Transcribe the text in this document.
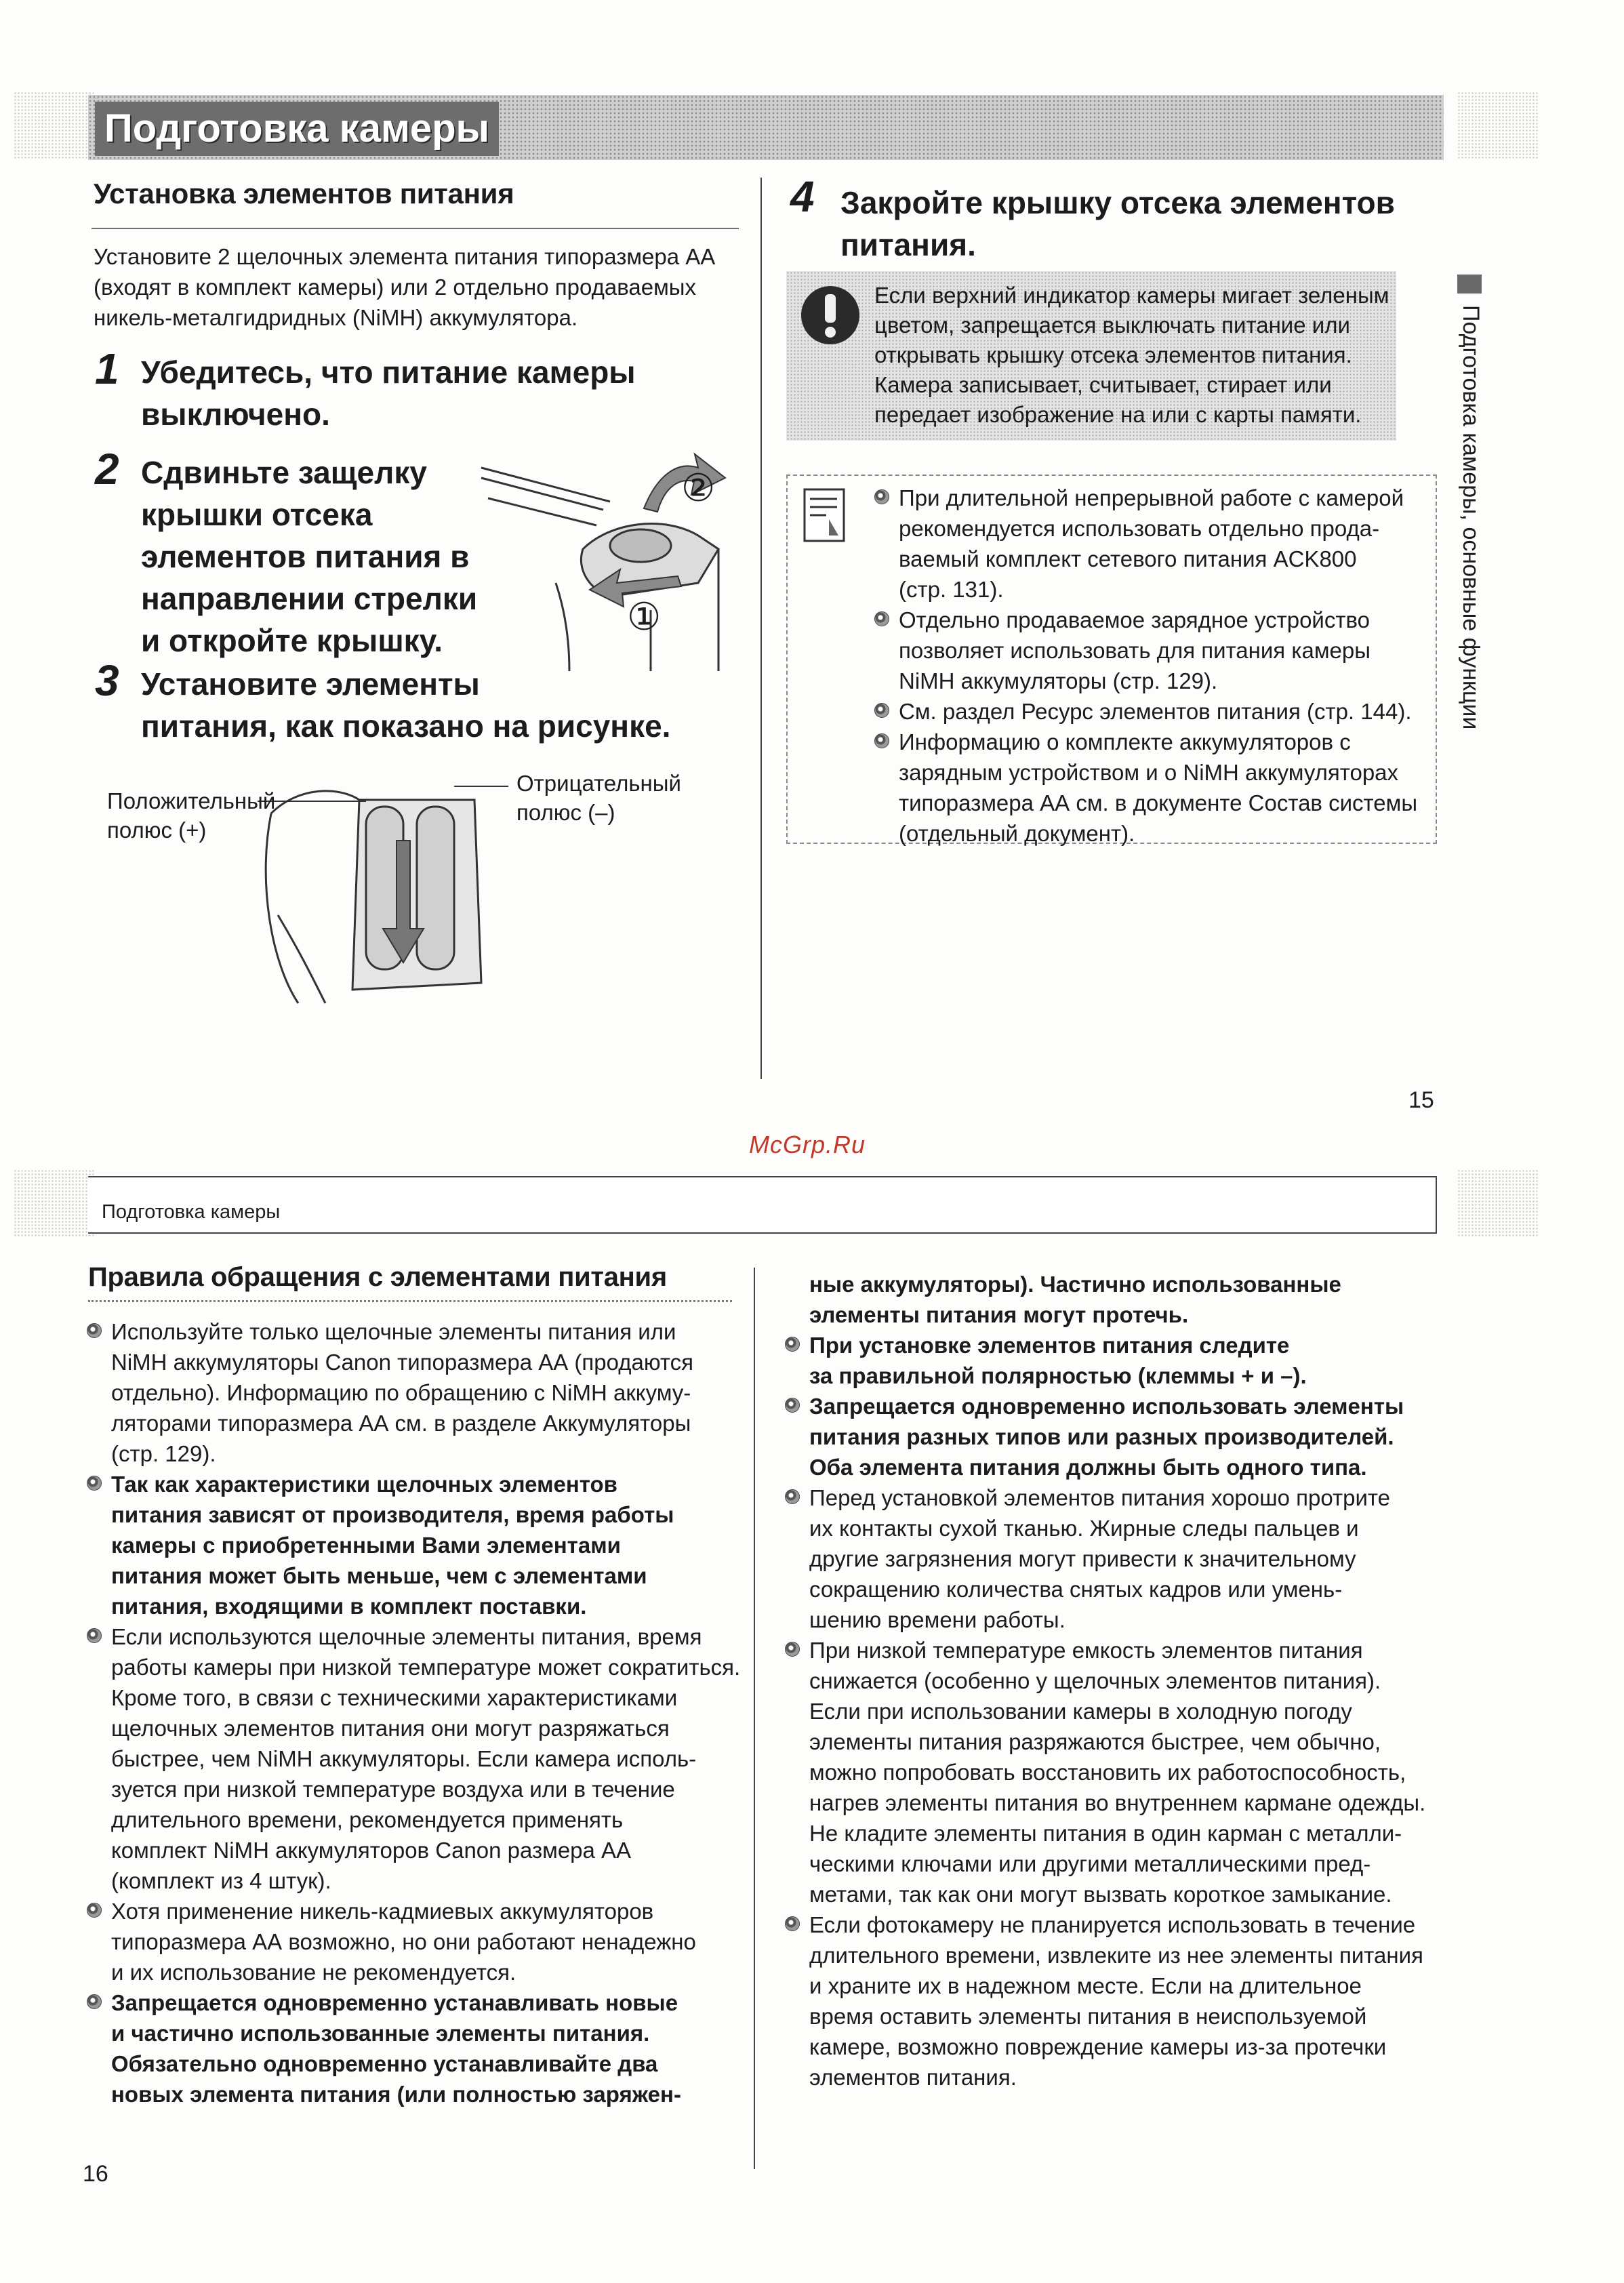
Подготовка камеры
Установка элементов питания
Установите 2 щелочных элемента питания типоразмера АА
(входят в комплект камеры) или 2 отдельно продаваемых
никель-металгидридных (NiMH) аккумулятора.
1 Убедитесь, что питание камеры
выключено.
2 Сдвиньте защелку
крышки отсека
элементов питания в
направлении стрелки
и откройте крышку.
②
①
3 Установите элементы
питания, как показано на рисунке.
Положительный
полюс (+)
Отрицательный
полюс (–)
4 Закройте крышку отсека элементов
питания.
Если верхний индикатор камеры мигает зеленым
цветом, запрещается выключать питание или
открывать крышку отсека элементов питания.
Камера записывает, считывает, стирает или
передает изображение на или с карты памяти.
При длительной непрерывной работе с камерой
рекомендуется использовать отдельно прода-
ваемый комплект сетевого питания ACK800
(стр. 131).
Отдельно продаваемое зарядное устройство
позволяет использовать для питания камеры
NiMH аккумуляторы (стр. 129).
См. раздел Ресурс элементов питания (стр. 144).
Информацию о комплекте аккумуляторов с
зарядным устройством и о NiMH аккумуляторах
типоразмера АА см. в документе Состав системы
(отдельный документ).
Подготовка камеры, основные функции
15
McGrp.Ru
Подготовка камеры
Правила обращения с элементами питания
Используйте только щелочные элементы питания или
NiMH аккумуляторы Canon типоразмера АА (продаются
отдельно). Информацию по обращению с NiMH аккуму-
ляторами типоразмера АА см. в разделе Аккумуляторы
(стр. 129).
Так как характеристики щелочных элементов
питания зависят от производителя, время работы
камеры с приобретенными Вами элементами
питания может быть меньше, чем с элементами
питания, входящими в комплект поставки.
Если используются щелочные элементы питания, время
работы камеры при низкой температуре может сократиться.
Кроме того, в связи с техническими характеристиками
щелочных элементов питания они могут разряжаться
быстрее, чем NiMH аккумуляторы. Если камера исполь-
зуется при низкой температуре воздуха или в течение
длительного времени, рекомендуется применять
комплект NiMH аккумуляторов Canon размера АА
(комплект из 4 штук).
Хотя применение никель-кадмиевых аккумуляторов
типоразмера АА возможно, но они работают ненадежно
и их использование не рекомендуется.
Запрещается одновременно устанавливать новые
и частично использованные элементы питания.
Обязательно одновременно устанавливайте два
новых элемента питания (или полностью заряжен-
ные аккумуляторы). Частично использованные
элементы питания могут протечь.
При установке элементов питания следите
за правильной полярностью (клеммы + и –).
Запрещается одновременно использовать элементы
питания разных типов или разных производителей.
Оба элемента питания должны быть одного типа.
Перед установкой элементов питания хорошо протрите
их контакты сухой тканью. Жирные следы пальцев и
другие загрязнения могут привести к значительному
сокращению количества снятых кадров или умень-
шению времени работы.
При низкой температуре емкость элементов питания
снижается (особенно у щелочных элементов питания).
Если при использовании камеры в холодную погоду
элементы питания разряжаются быстрее, чем обычно,
можно попробовать восстановить их работоспособность,
нагрев элементы питания во внутреннем кармане одежды.
Не кладите элементы питания в один карман с металли-
ческими ключами или другими металлическими пред-
метами, так как они могут вызвать короткое замыкание.
Если фотокамеру не планируется использовать в течение
длительного времени, извлеките из нее элементы питания
и храните их в надежном месте. Если на длительное
время оставить элементы питания в неиспользуемой
камере, возможно повреждение камеры из-за протечки
элементов питания.
16
